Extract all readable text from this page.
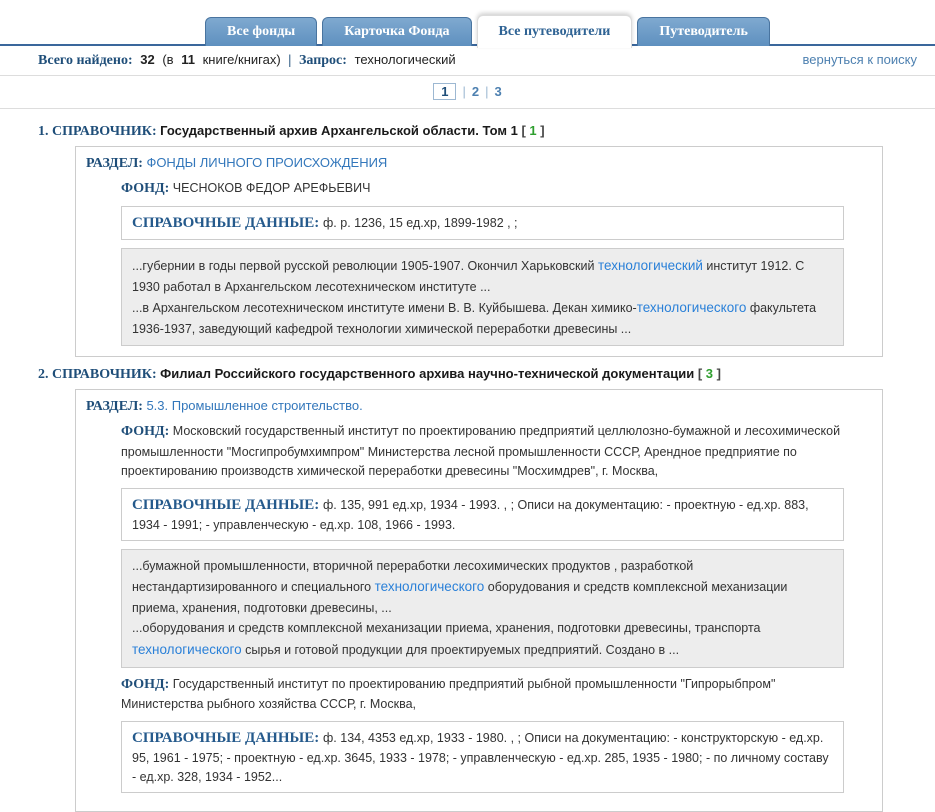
Все фонды	Карточка Фонда	Все путеводители	Путеводитель
Всего найдено: 32 (в 11 книге/книгах) | Запрос: технологический	вернуться к поиску
1 | 2 | 3
1. СПРАВОЧНИК: Государственный архив Архангельской области. Том 1 [ 1 ]
РАЗДЕЛ: ФОНДЫ ЛИЧНОГО ПРОИСХОЖДЕНИЯ
ФОНД: ЧЕСНОКОВ ФЕДОР АРЕФЬЕВИЧ
СПРАВОЧНЫЕ ДАННЫЕ: ф. р. 1236, 15 ед.хр, 1899-1982 , ;
...губернии в годы первой русской революции 1905-1907. Окончил Харьковский технологический институт 1912. С 1930 работал в Архангельском лесотехническом институте ...
...в Архангельском лесотехническом институте имени В. В. Куйбышева. Декан химико-технологического факультета 1936-1937, заведующий кафедрой технологии химической переработки древесины ...
2. СПРАВОЧНИК: Филиал Российского государственного архива научно-технической документации [ 3 ]
РАЗДЕЛ: 5.3. Промышленное строительство.
ФОНД: Московский государственный институт по проектированию предприятий целлюлозно-бумажной и лесохимической промышленности "Мосгипробумхимпром" Министерства лесной промышленности СССР, Арендное предприятие по проектированию производств химической переработки древесины "Мосхимдрев", г. Москва,
СПРАВОЧНЫЕ ДАННЫЕ: ф. 135, 991 ед.хр, 1934 - 1993. , ; Описи на документацию: - проектную - ед.хр. 883, 1934 - 1991; - управленческую - ед.хр. 108, 1966 - 1993.
...бумажной промышленности, вторичной переработки лесохимических продуктов , разработкой нестандартизированного и специального технологического оборудования и средств комплексной механизации приема, хранения, подготовки древесины, ...
...оборудования и средств комплексной механизации приема, хранения, подготовки древесины, транспорта технологического сырья и готовой продукции для проектируемых предприятий. Создано в ...
ФОНД: Государственный институт по проектированию предприятий рыбной промышленности "Гипрорыбпром" Министерства рыбного хозяйства СССР, г. Москва,
СПРАВОЧНЫЕ ДАННЫЕ: ф. 134, 4353 ед.хр, 1933 - 1980. , ; Описи на документацию: - конструкторскую - ед.хр. 95, 1961 - 1975; - проектную - ед.хр. 3645, 1933 - 1978; - управленческую - ед.хр. 285, 1935 - 1980; - по личному составу - ед.хр. 328, 1934 - 1952...
